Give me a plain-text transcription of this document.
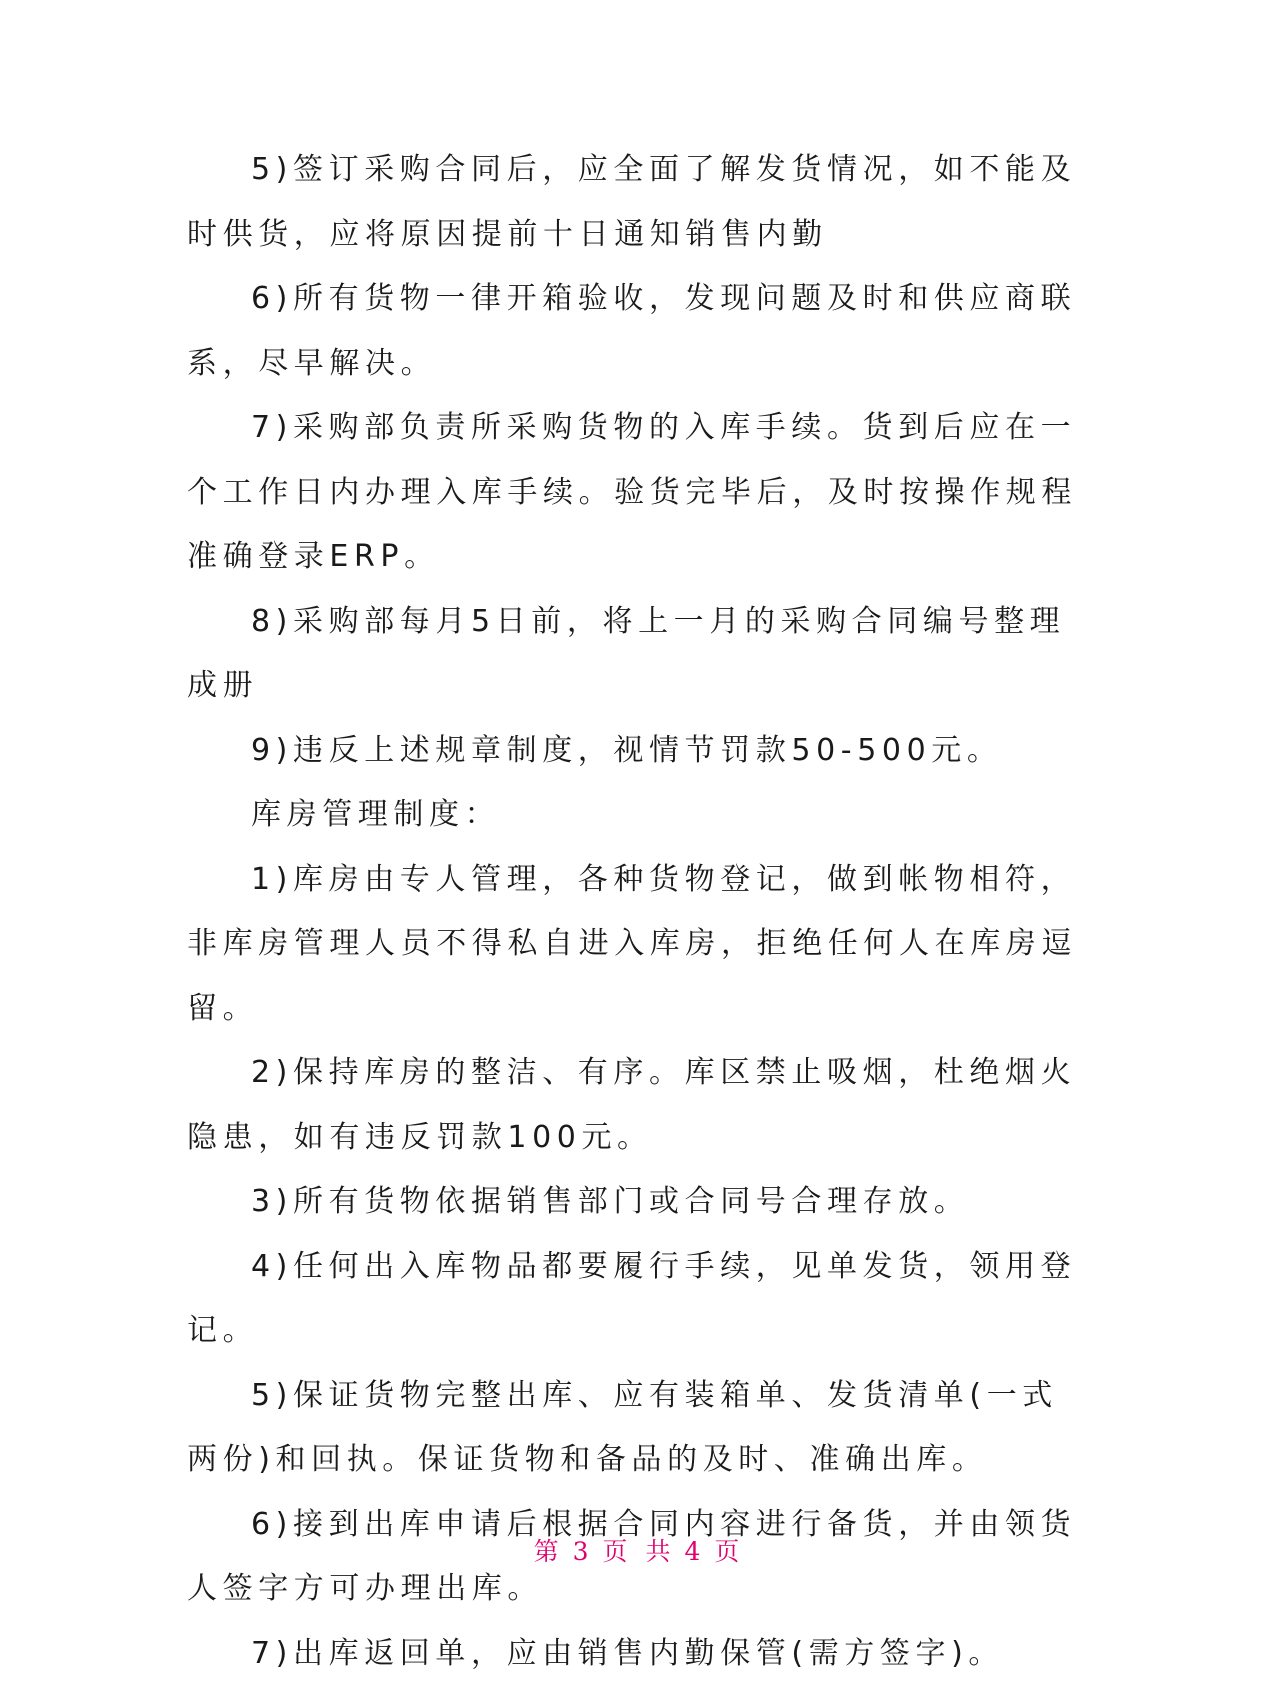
5)签订采购合同后，应全面了解发货情况，如不能及时供货，应将原因提前十日通知销售内勤

6)所有货物一律开箱验收，发现问题及时和供应商联系，尽早解决。

7)采购部负责所采购货物的入库手续。货到后应在一个工作日内办理入库手续。验货完毕后，及时按操作规程准确登录ERP。

8)采购部每月5日前，将上一月的采购合同编号整理成册

9)违反上述规章制度，视情节罚款50-500元。

库房管理制度：

1)库房由专人管理，各种货物登记，做到帐物相符，非库房管理人员不得私自进入库房，拒绝任何人在库房逗留。

2)保持库房的整洁、有序。库区禁止吸烟，杜绝烟火隐患，如有违反罚款100元。

3)所有货物依据销售部门或合同号合理存放。

4)任何出入库物品都要履行手续，见单发货，领用登记。

5)保证货物完整出库、应有装箱单、发货清单(一式两份)和回执。保证货物和备品的及时、准确出库。

6)接到出库申请后根据合同内容进行备货，并由领货人签字方可办理出库。

7)出库返回单，应由销售内勤保管(需方签字)。

第 3 页 共 4 页
